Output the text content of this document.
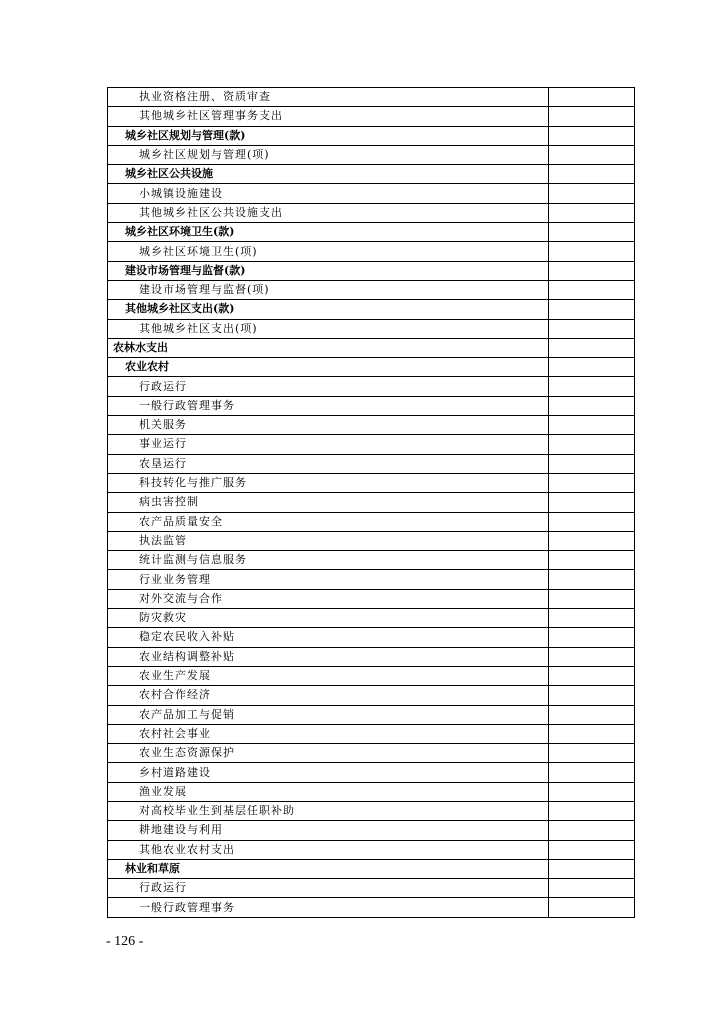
执业资格注册、资质审查	
其他城乡社区管理事务支出	
城乡社区规划与管理(款)	
城乡社区规划与管理(项)	
城乡社区公共设施	
小城镇设施建设	
其他城乡社区公共设施支出	
城乡社区环境卫生(款)	
城乡社区环境卫生(项)	
建设市场管理与监督(款)	
建设市场管理与监督(项)	
其他城乡社区支出(款)	
其他城乡社区支出(项)	
农林水支出	
农业农村	
行政运行	
一般行政管理事务	
机关服务	
事业运行	
农垦运行	
科技转化与推广服务	
病虫害控制	
农产品质量安全	
执法监管	
统计监测与信息服务	
行业业务管理	
对外交流与合作	
防灾救灾	
稳定农民收入补贴	
农业结构调整补贴	
农业生产发展	
农村合作经济	
农产品加工与促销	
农村社会事业	
农业生态资源保护	
乡村道路建设	
渔业发展	
对高校毕业生到基层任职补助	
耕地建设与利用	
其他农业农村支出	
林业和草原	
行政运行	
一般行政管理事务	
- 126 -
